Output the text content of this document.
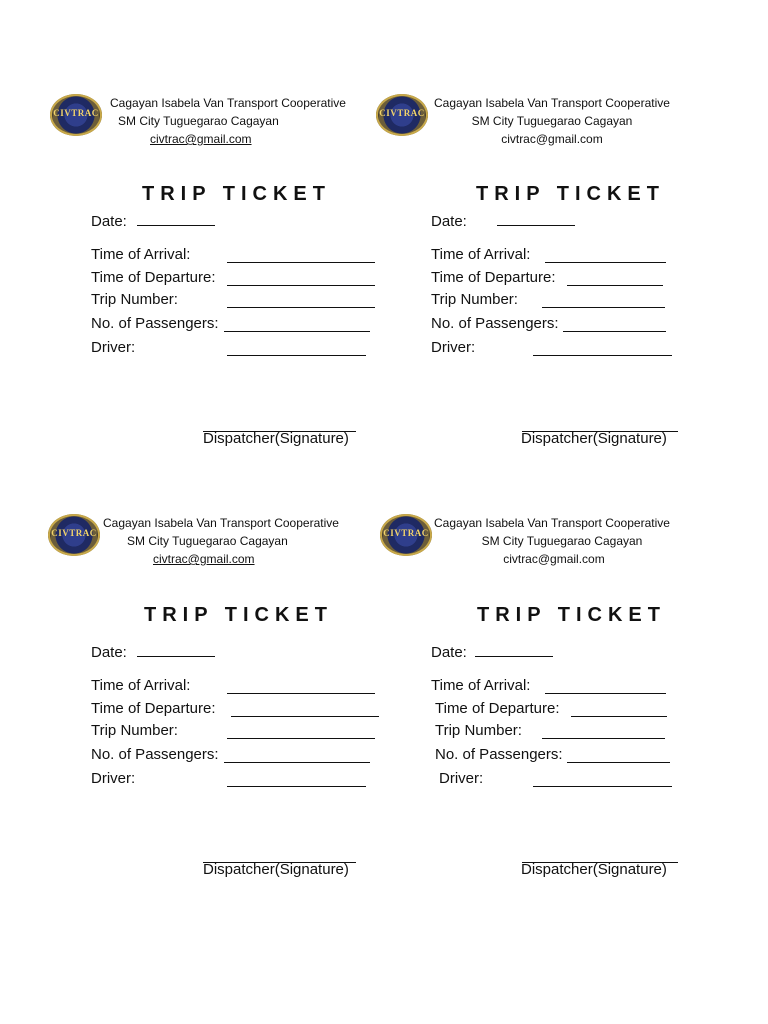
CIVTRAC
Cagayan Isabela Van Transport Cooperative
SM City Tuguegarao Cagayan
civtrac@gmail.com
TRIP TICKET
Date:
Time of Arrival:
Time of Departure:
Trip Number:
No. of Passengers:
Driver:
Dispatcher(Signature)
CIVTRAC
Cagayan Isabela Van Transport Cooperative
SM City Tuguegarao Cagayan
civtrac@gmail.com
TRIP TICKET
Date:
Time of Arrival:
Time of Departure:
Trip Number:
No. of Passengers:
Driver:
Dispatcher(Signature)
CIVTRAC
Cagayan Isabela Van Transport Cooperative
SM City Tuguegarao Cagayan
civtrac@gmail.com
TRIP TICKET
Date:
Time of Arrival:
Time of Departure:
Trip Number:
No. of Passengers:
Driver:
Dispatcher(Signature)
CIVTRAC
Cagayan Isabela Van Transport Cooperative
SM City Tuguegarao Cagayan
civtrac@gmail.com
TRIP TICKET
Date:
Time of Arrival:
Time of Departure:
Trip Number:
No. of Passengers:
Driver:
Dispatcher(Signature)
